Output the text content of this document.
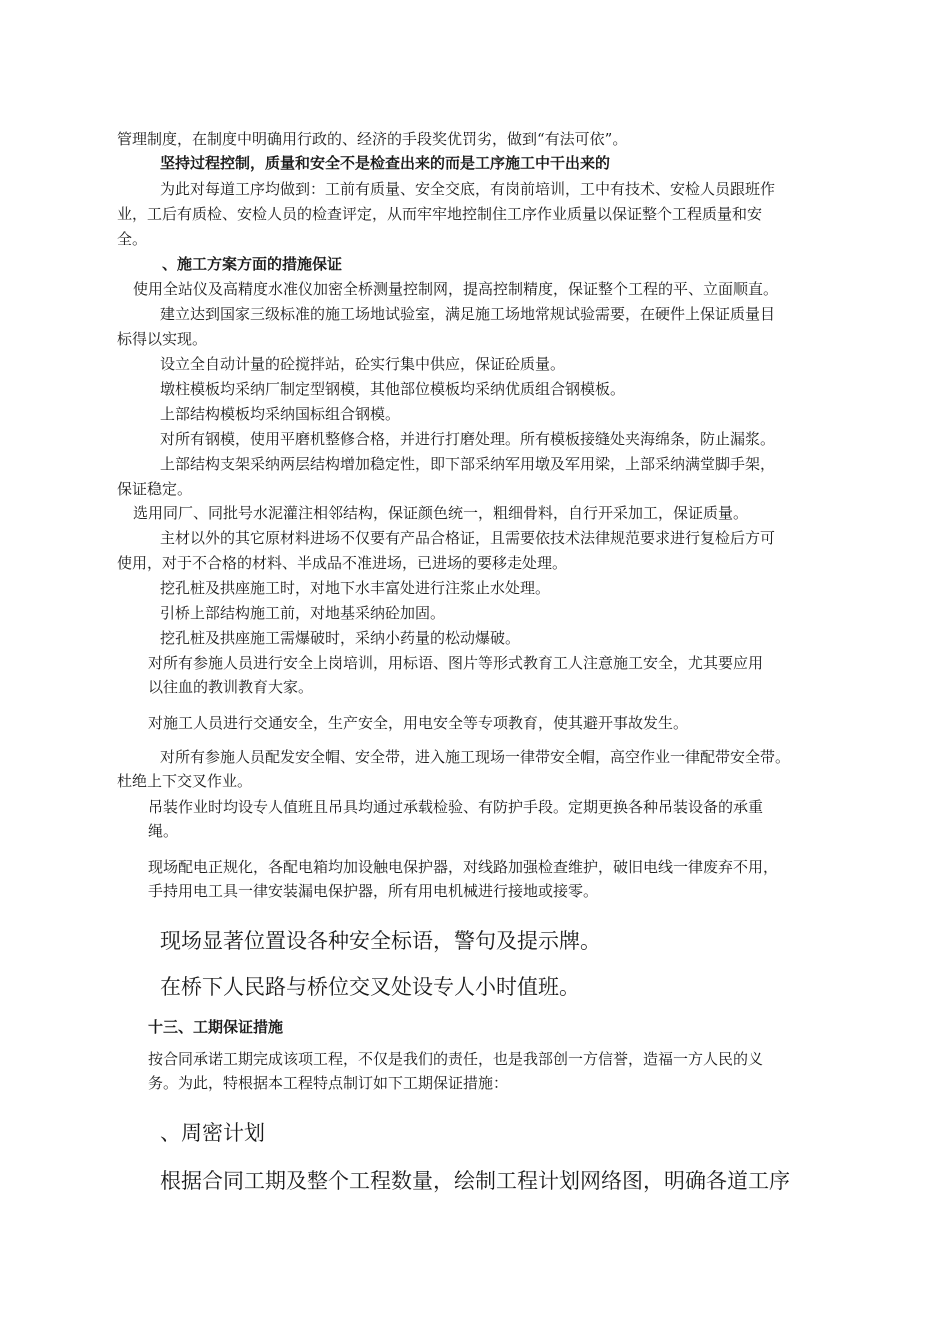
管理制度，在制度中明确用行政的、经济的手段奖优罚劣，做到“有法可依”。
坚持过程控制，质量和安全不是检查出来的而是工序施工中干出来的
为此对每道工序均做到：工前有质量、安全交底，有岗前培训，工中有技术、安检人员跟班作
业，工后有质检、安检人员的检查评定，从而牢牢地控制住工序作业质量以保证整个工程质量和安
全。
、施工方案方面的措施保证
使用全站仪及高精度水准仪加密全桥测量控制网，提高控制精度，保证整个工程的平、立面顺直。
建立达到国家三级标准的施工场地试验室，满足施工场地常规试验需要，在硬件上保证质量目
标得以实现。
设立全自动计量的砼搅拌站，砼实行集中供应，保证砼质量。
墩柱模板均采纳厂制定型钢模，其他部位模板均采纳优质组合钢模板。
上部结构模板均采纳国标组合钢模。
对所有钢模，使用平磨机整修合格，并进行打磨处理。所有模板接缝处夹海绵条，防止漏浆。
上部结构支架采纳两层结构增加稳定性，即下部采纳军用墩及军用梁，上部采纳满堂脚手架，
保证稳定。
选用同厂、同批号水泥灌注相邻结构，保证颜色统一，粗细骨料，自行开采加工，保证质量。
主材以外的其它原材料进场不仅要有产品合格证，且需要依技术法律规范要求进行复检后方可
使用，对于不合格的材料、半成品不准进场，已进场的要移走处理。
挖孔桩及拱座施工时，对地下水丰富处进行注浆止水处理。
引桥上部结构施工前，对地基采纳砼加固。
挖孔桩及拱座施工需爆破时，采纳小药量的松动爆破。
对所有参施人员进行安全上岗培训，用标语、图片等形式教育工人注意施工安全，尤其要应用
以往血的教训教育大家。
对施工人员进行交通安全，生产安全，用电安全等专项教育，使其避开事故发生。
对所有参施人员配发安全帽、安全带，进入施工现场一律带安全帽，高空作业一律配带安全带。
杜绝上下交叉作业。
吊装作业时均设专人值班且吊具均通过承载检验、有防护手段。定期更换各种吊装设备的承重
绳。
现场配电正规化，各配电箱均加设触电保护器，对线路加强检查维护，破旧电线一律废弃不用，
手持用电工具一律安装漏电保护器，所有用电机械进行接地或接零。
现场显著位置设各种安全标语，警句及提示牌。
在桥下人民路与桥位交叉处设专人小时值班。
十三、工期保证措施
按合同承诺工期完成该项工程，不仅是我们的责任，也是我部创一方信誉，造福一方人民的义
务。为此，特根据本工程特点制订如下工期保证措施：
、周密计划
根据合同工期及整个工程数量，绘制工程计划网络图，明确各道工序
